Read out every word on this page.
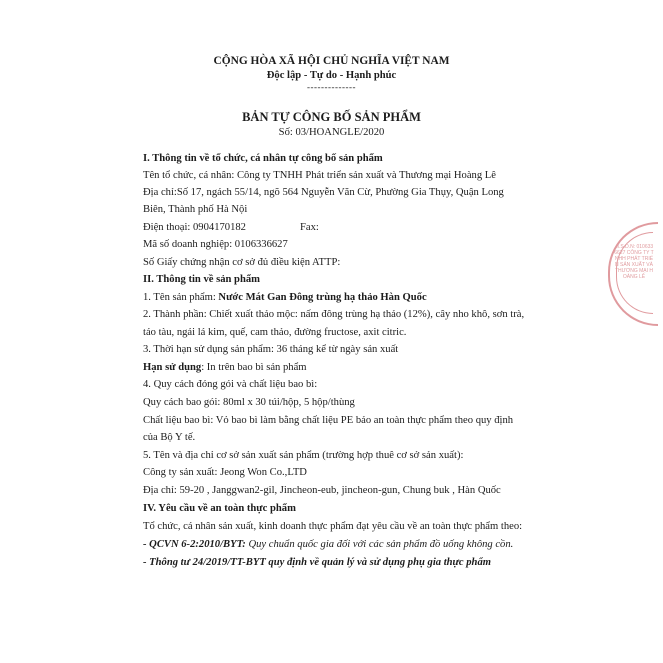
CỘNG HÒA XÃ HỘI CHỦ NGHĨA VIỆT NAM
Độc lập - Tự do - Hạnh phúc
--------------
BẢN TỰ CÔNG BỐ SẢN PHẨM
Số: 03/HOANGLE/2020
I. Thông tin về tổ chức, cá nhân tự công bố sản phẩm
Tên tổ chức, cá nhân: Công ty TNHH Phát triển sản xuất và Thương mại Hoàng Lê
Địa chỉ:Số 17, ngách 55/14, ngõ 564 Nguyễn Văn Cừ, Phường Gia Thụy, Quận Long
Biên, Thành phố Hà Nội
Điện thoại: 0904170182	Fax:
Mã số doanh nghiệp: 0106336627
Số Giấy chứng nhận cơ sở đủ điều kiện ATTP:
II. Thông tin về sản phẩm
1. Tên sản phẩm: Nước Mát Gan Đông trùng hạ thảo Hàn Quốc
2. Thành phần: Chiết xuất thảo mộc: nấm đông trùng hạ thảo (12%), cây nho khô, sơn trà,
táo tàu, ngải lá kim, quế, cam thảo, đường fructose, axit citric.
3. Thời hạn sử dụng sản phẩm: 36 tháng kể từ ngày sản xuất
Hạn sử dụng: In trên bao bì sản phẩm
4. Quy cách đóng gói và chất liệu bao bì:
Quy cách bao gói: 80ml x 30 túi/hộp, 5 hộp/thùng
Chất liệu bao bì: Vỏ bao bì làm bằng chất liệu PE bảo an toàn thực phẩm theo quy định
của Bộ Y tế.
5. Tên và địa chỉ cơ sở sản xuất sản phẩm (trường hợp thuê cơ sở sản xuất):
Công ty sản xuất: Jeong Won Co.,LTD
Địa chỉ: 59-20 , Janggwan2-gil, Jincheon-eub, jincheon-gun, Chung buk , Hàn Quốc
IV. Yêu cầu về an toàn thực phẩm
Tổ chức, cá nhân sản xuất, kinh doanh thực phẩm đạt yêu cầu về an toàn thực phẩm theo:
- QCVN 6-2:2010/BYT: Quy chuẩn quốc gia đối với các sản phẩm đồ uống không cồn.
- Thông tư 24/2019/TT-BYT quy định về quản lý và sử dụng phụ gia thực phẩm
M.S.D.N: 0106336627 CÔNG TY TNHH PHÁT TRIỂN SẢN XUẤT VÀ THƯƠNG MẠI HOÀNG LÊ
